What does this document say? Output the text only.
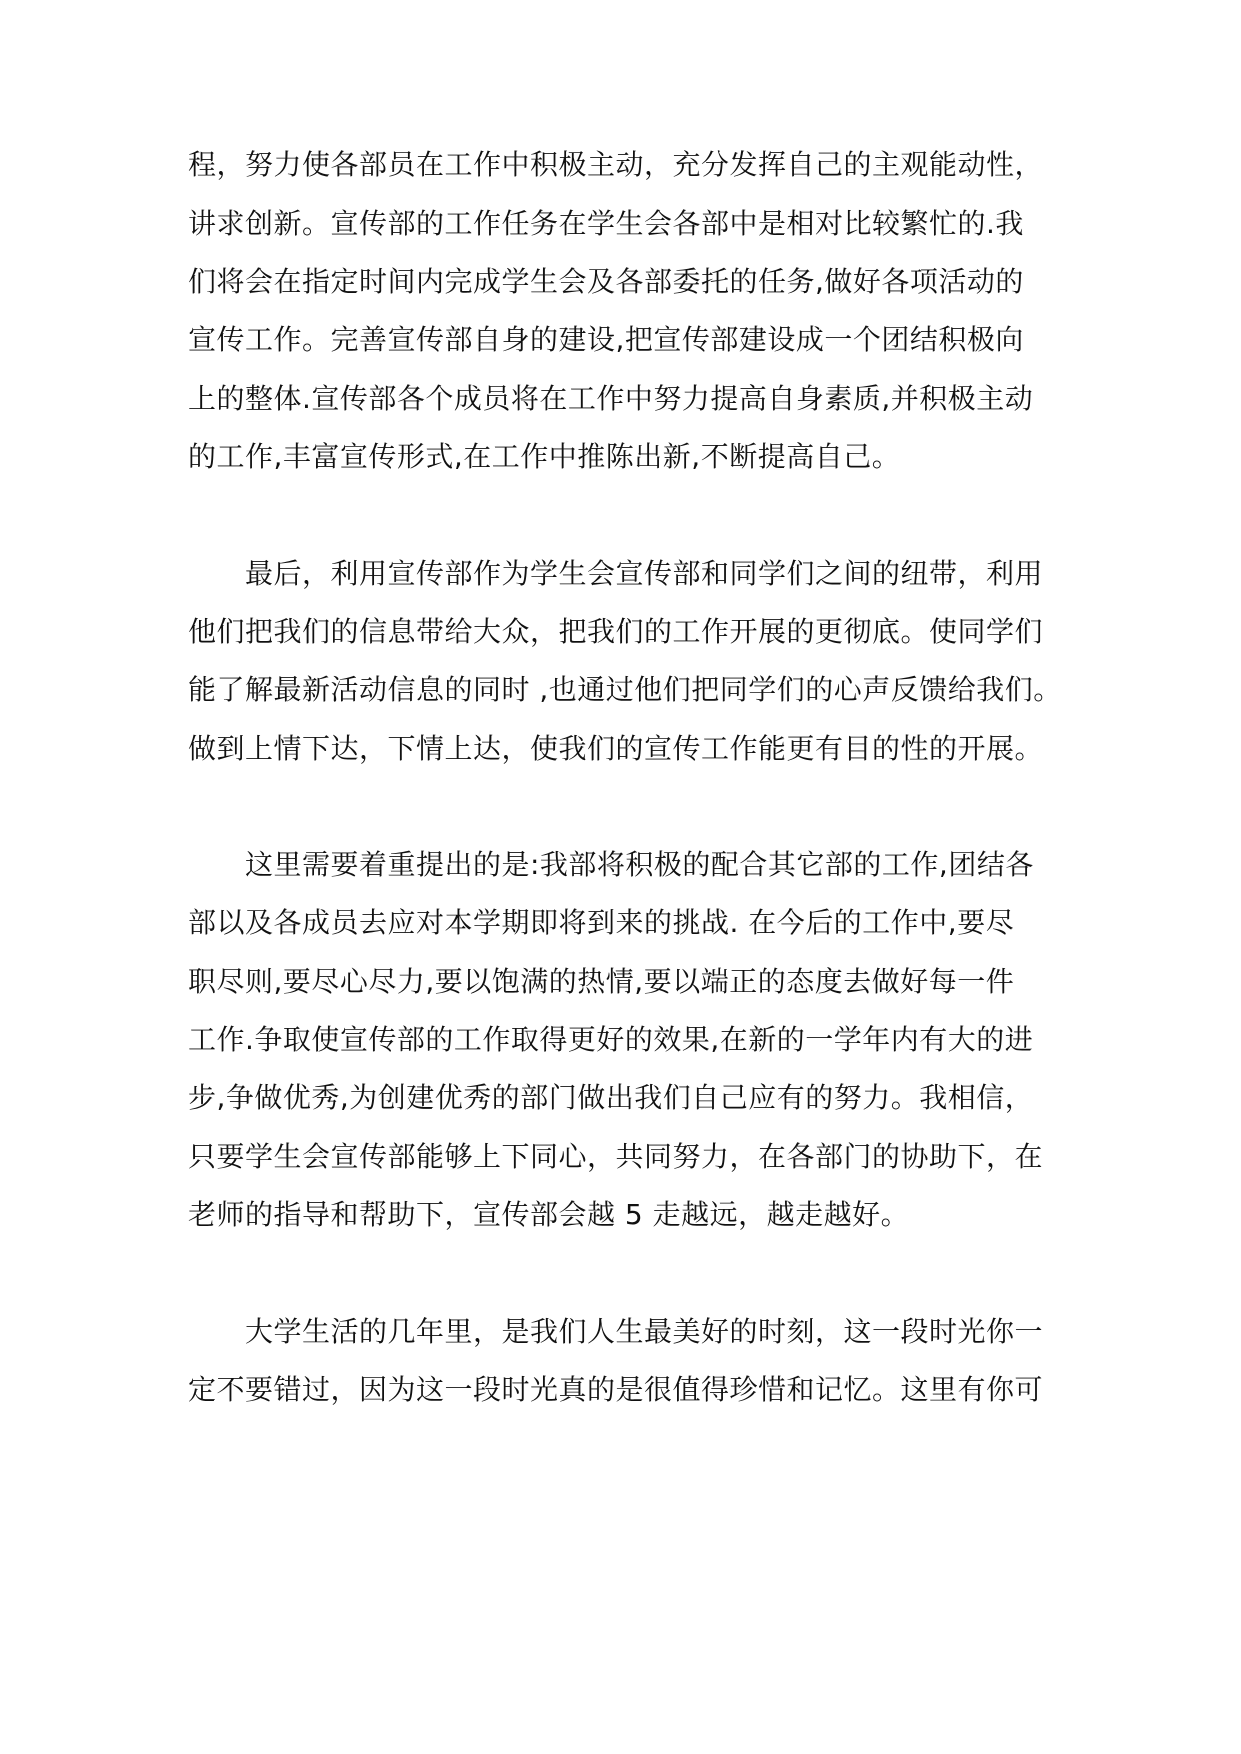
程，努力使各部员在工作中积极主动，充分发挥自己的主观能动性，
讲求创新。宣传部的工作任务在学生会各部中是相对比较繁忙的.我
们将会在指定时间内完成学生会及各部委托的任务,做好各项活动的
宣传工作。完善宣传部自身的建设,把宣传部建设成一个团结积极向
上的整体.宣传部各个成员将在工作中努力提高自身素质,并积极主动
的工作,丰富宣传形式,在工作中推陈出新,不断提高自己。
　　最后，利用宣传部作为学生会宣传部和同学们之间的纽带，利用
他们把我们的信息带给大众，把我们的工作开展的更彻底。使同学们
能了解最新活动信息的同时 ,也通过他们把同学们的心声反馈给我们。
做到上情下达，下情上达，使我们的宣传工作能更有目的性的开展。
　　这里需要着重提出的是:我部将积极的配合其它部的工作,团结各
部以及各成员去应对本学期即将到来的挑战. 在今后的工作中,要尽
职尽则,要尽心尽力,要以饱满的热情,要以端正的态度去做好每一件
工作.争取使宣传部的工作取得更好的效果,在新的一学年内有大的进
步,争做优秀,为创建优秀的部门做出我们自己应有的努力。我相信，
只要学生会宣传部能够上下同心，共同努力，在各部门的协助下，在
老师的指导和帮助下，宣传部会越 5 走越远，越走越好。
　　大学生活的几年里，是我们人生最美好的时刻，这一段时光你一
定不要错过，因为这一段时光真的是很值得珍惜和记忆。这里有你可
